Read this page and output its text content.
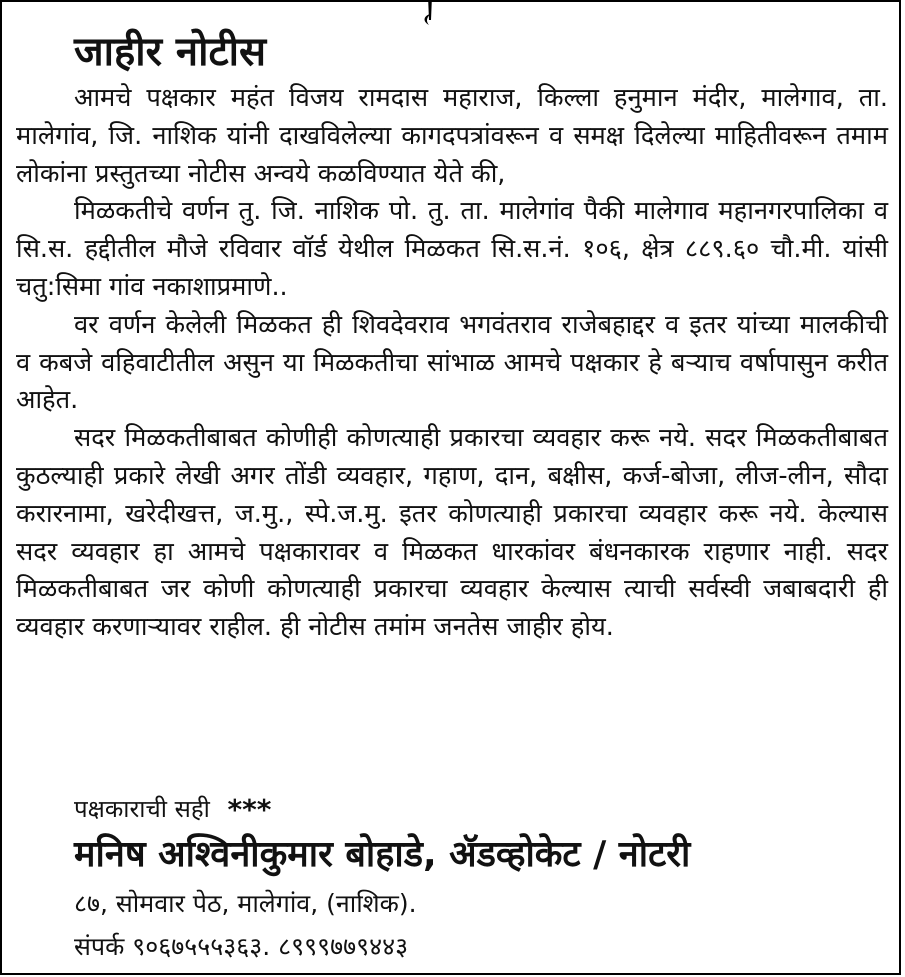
जाहीर नोटीस

आमचे पक्षकार महंत विजय रामदास महाराज, किल्ला हनुमान मंदीर, मालेगाव, ता. मालेगांव, जि. नाशिक यांनी दाखविलेल्या कागदपत्रांवरून व समक्ष दिलेल्या माहितीवरून तमाम लोकांना प्रस्तुतच्या नोटीस अन्वये कळविण्यात येते की,

मिळकतीचे वर्णन तु. जि. नाशिक पो. तु. ता. मालेगांव पैकी मालेगाव महानगरपालिका व सि.स. हद्दीतील मौजे रविवार वॉर्ड येथील मिळकत सि.स.नं. १०६, क्षेत्र ८८९.६० चौ.मी. यांसी चतु:सिमा गांव नकाशाप्रमाणे..

वर वर्णन केलेली मिळकत ही शिवदेवराव भगवंतराव राजेबहाद्दर व इतर यांच्या मालकीची व कबजे वहिवाटीतील असुन या मिळकतीचा सांभाळ आमचे पक्षकार हे बऱ्याच वर्षापासुन करीत आहेत.

सदर मिळकतीबाबत कोणीही कोणत्याही प्रकारचा व्यवहार करू नये. सदर मिळकतीबाबत कुठल्याही प्रकारे लेखी अगर तोंडी व्यवहार, गहाण, दान, बक्षीस, कर्ज-बोजा, लीज-लीन, सौदा करारनामा, खरेदीखत्त, ज.मु., स्पे.ज.मु. इतर कोणत्याही प्रकारचा व्यवहार करू नये. केल्यास सदर व्यवहार हा आमचे पक्षकारावर व मिळकत धारकांवर बंधनकारक राहणार नाही. सदर मिळकतीबाबत जर कोणी कोणत्याही प्रकारचा व्यवहार केल्यास त्याची सर्वस्वी जबाबदारी ही व्यवहार करणाऱ्यावर राहील. ही नोटीस तमांम जनतेस जाहीर होय.

पक्षकाराची सही ***
मनिष अश्विनीकुमार बोहाडे, ॲडव्होकेट / नोटरी
८७, सोमवार पेठ, मालेगांव, (नाशिक).
संपर्क ९०६७५५५३६३. ८९९९७७९४४३
